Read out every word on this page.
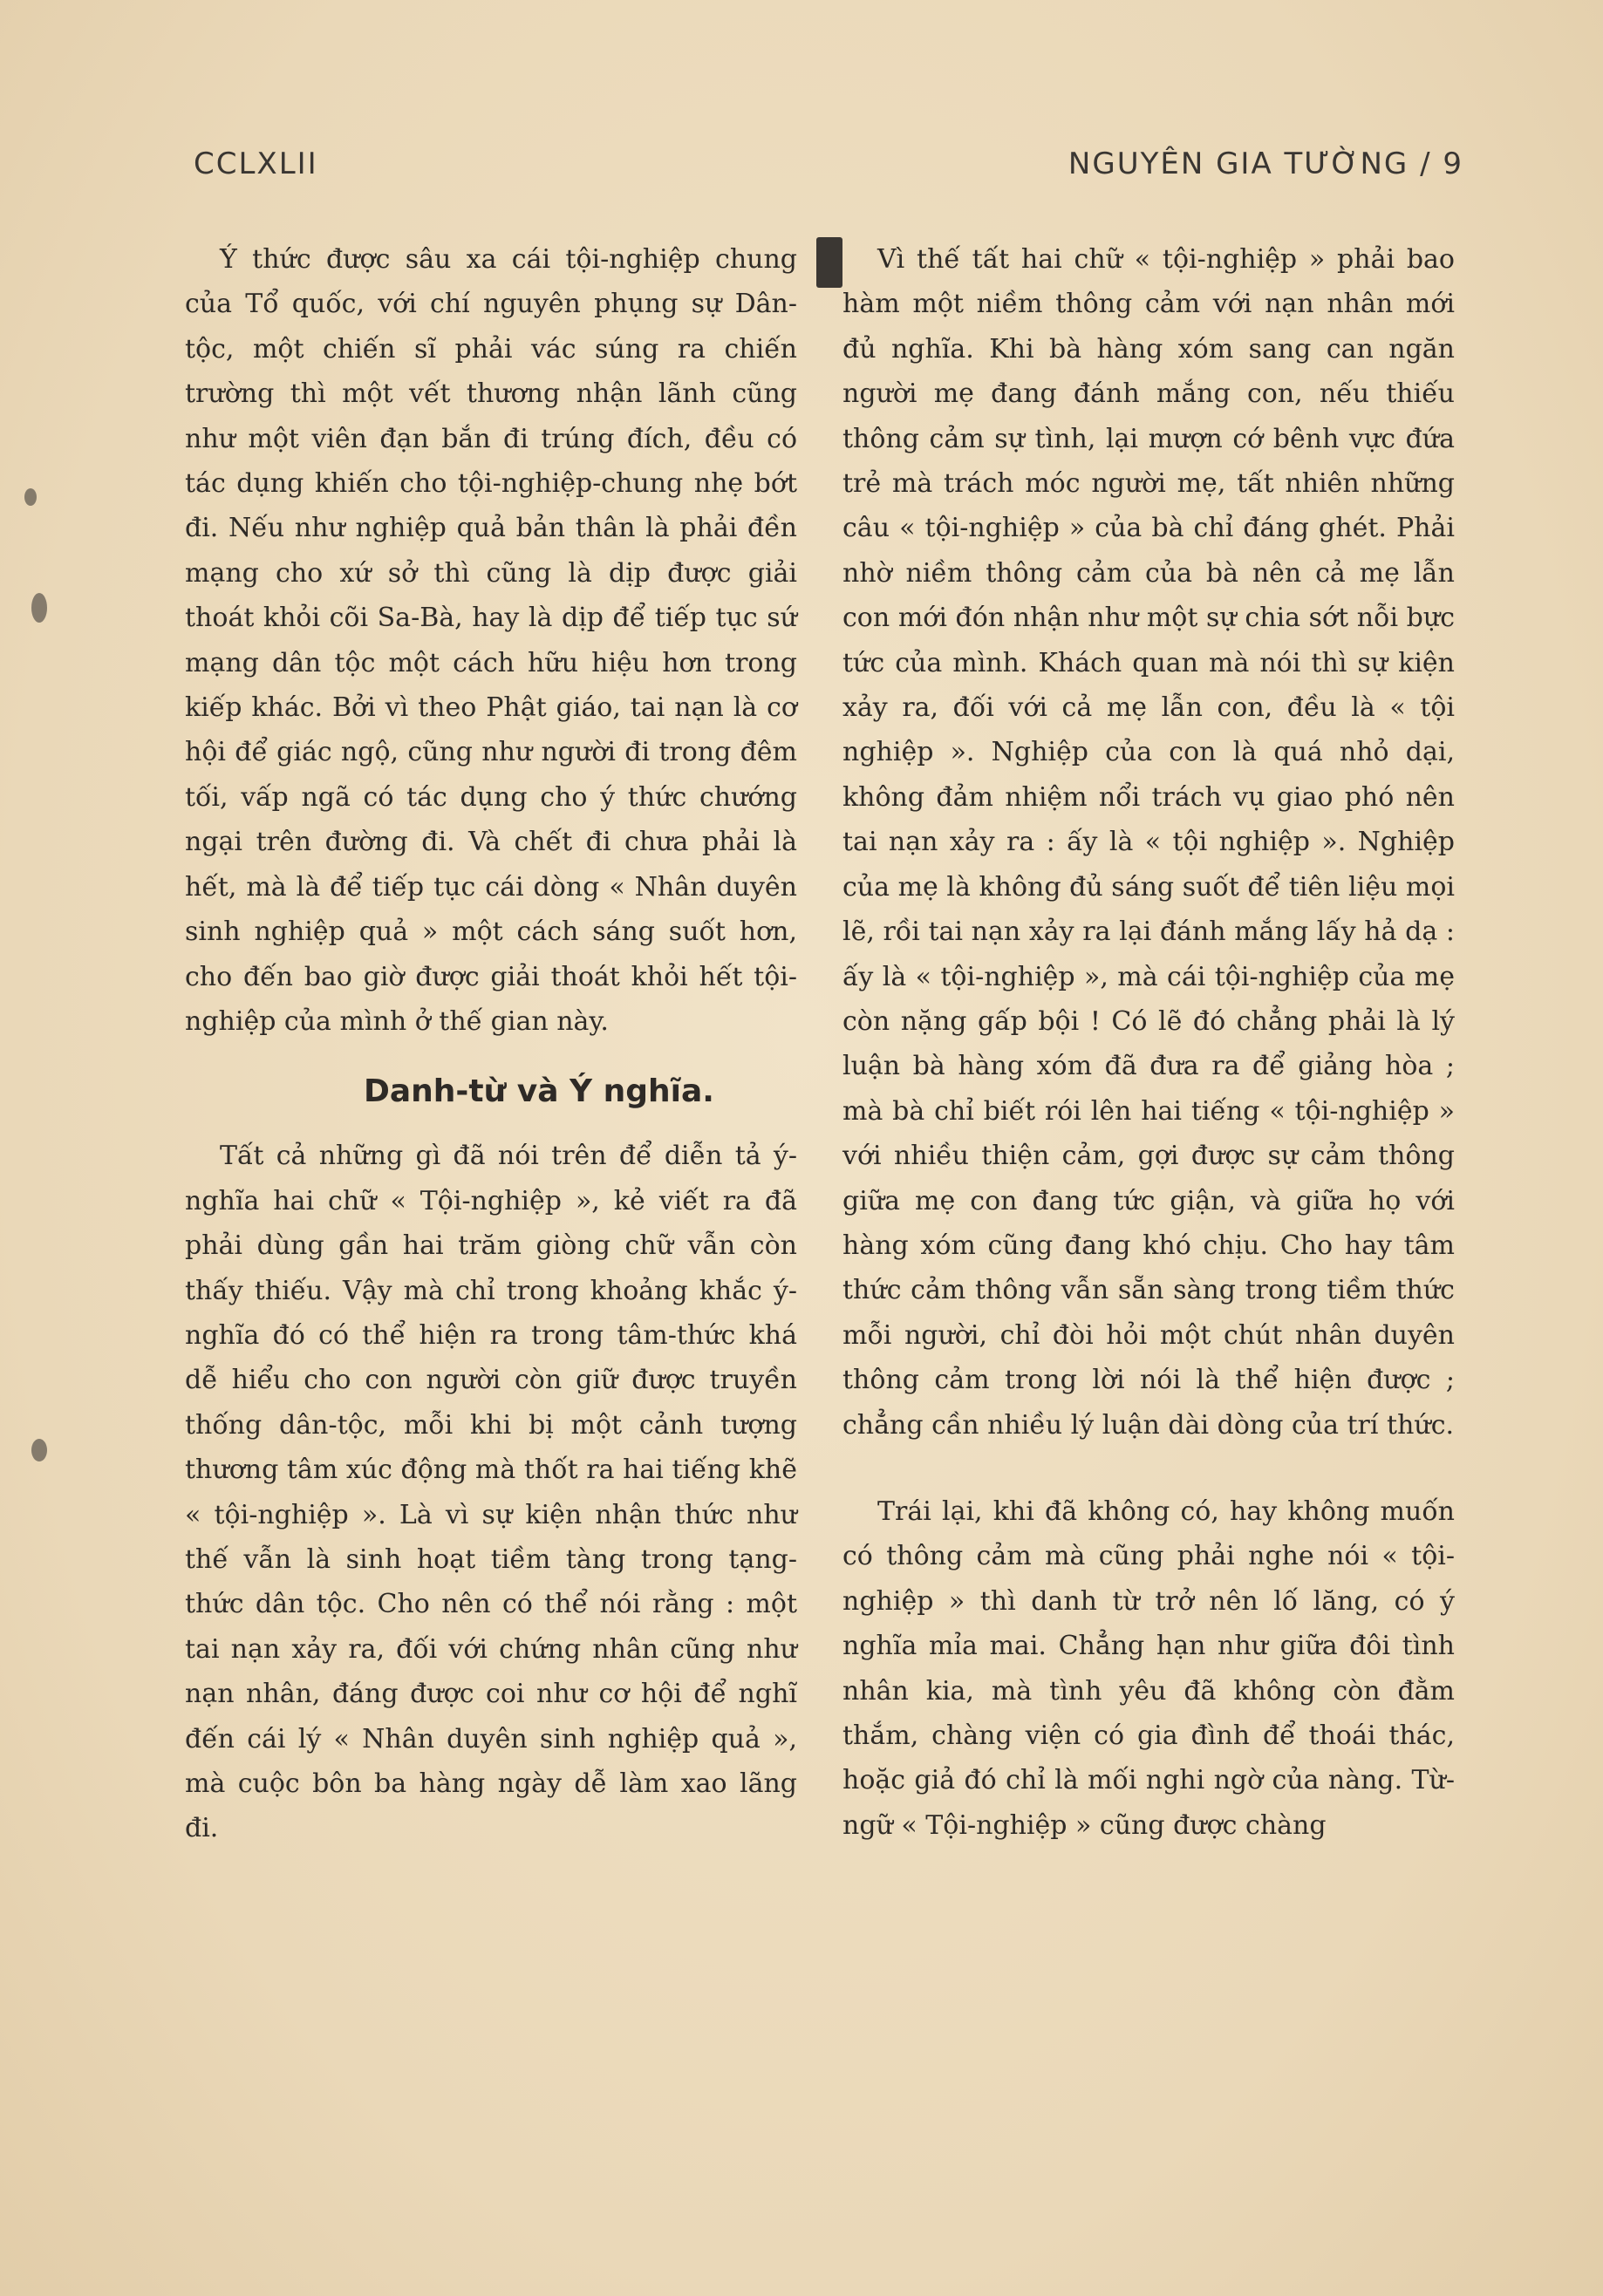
CCLXLII	NGUYÊN GIA TƯỜNG / 9

Ý thức được sâu xa cái tội-nghiệp chung của Tổ quốc, với chí nguyên phụng sự Dân-tộc, một chiến sĩ phải vác súng ra chiến trường thì một vết thương nhận lãnh cũng như một viên đạn bắn đi trúng đích, đều có tác dụng khiến cho tội-nghiệp-chung nhẹ bớt đi. Nếu như nghiệp quả bản thân là phải đền mạng cho xứ sở thì cũng là dịp được giải thoát khỏi cõi Sa-Bà, hay là dịp để tiếp tục sứ mạng dân tộc một cách hữu hiệu hơn trong kiếp khác. Bởi vì theo Phật giáo, tai nạn là cơ hội để giác ngộ, cũng như người đi trong đêm tối, vấp ngã có tác dụng cho ý thức chướng ngại trên đường đi. Và chết đi chưa phải là hết, mà là để tiếp tục cái dòng « Nhân duyên sinh nghiệp quả » một cách sáng suốt hơn, cho đến bao giờ được giải thoát khỏi hết tội-nghiệp của mình ở thế gian này.

Danh-từ và Ý nghĩa.

Tất cả những gì đã nói trên để diễn tả ý-nghĩa hai chữ « Tội-nghiệp », kẻ viết ra đã phải dùng gần hai trăm giòng chữ vẫn còn thấy thiếu. Vậy mà chỉ trong khoảng khắc ý-nghĩa đó có thể hiện ra trong tâm-thức khá dễ hiểu cho con người còn giữ được truyền thống dân-tộc, mỗi khi bị một cảnh tượng thương tâm xúc động mà thốt ra hai tiếng khẽ « tội-nghiệp ». Là vì sự kiện nhận thức như thế vẫn là sinh hoạt tiềm tàng trong tạng-thức dân tộc. Cho nên có thể nói rằng : một tai nạn xảy ra, đối với chứng nhân cũng như nạn nhân, đáng được coi như cơ hội để nghĩ đến cái lý « Nhân duyên sinh nghiệp quả », mà cuộc bôn ba hàng ngày dễ làm xao lãng đi.

Vì thế tất hai chữ « tội-nghiệp » phải bao hàm một niềm thông cảm với nạn nhân mới đủ nghĩa. Khi bà hàng xóm sang can ngăn người mẹ đang đánh mắng con, nếu thiếu thông cảm sự tình, lại mượn cớ bênh vực đứa trẻ mà trách móc người mẹ, tất nhiên những câu « tội-nghiệp » của bà chỉ đáng ghét. Phải nhờ niềm thông cảm của bà nên cả mẹ lẫn con mới đón nhận như một sự chia sớt nỗi bực tức của mình. Khách quan mà nói thì sự kiện xảy ra, đối với cả mẹ lẫn con, đều là « tội nghiệp ». Nghiệp của con là quá nhỏ dại, không đảm nhiệm nổi trách vụ giao phó nên tai nạn xảy ra : ấy là « tội nghiệp ». Nghiệp của mẹ là không đủ sáng suốt để tiên liệu mọi lẽ, rồi tai nạn xảy ra lại đánh mắng lấy hả dạ : ấy là « tội-nghiệp », mà cái tội-nghiệp của mẹ còn nặng gấp bội ! Có lẽ đó chẳng phải là lý luận bà hàng xóm đã đưa ra để giảng hòa ; mà bà chỉ biết rói lên hai tiếng « tội-nghiệp » với nhiều thiện cảm, gợi được sự cảm thông giữa mẹ con đang tức giận, và giữa họ với hàng xóm cũng đang khó chịu. Cho hay tâm thức cảm thông vẫn sẵn sàng trong tiềm thức mỗi người, chỉ đòi hỏi một chút nhân duyên thông cảm trong lời nói là thể hiện được ; chẳng cần nhiều lý luận dài dòng của trí thức.

Trái lại, khi đã không có, hay không muốn có thông cảm mà cũng phải nghe nói « tội-nghiệp » thì danh từ trở nên lố lăng, có ý nghĩa mỉa mai. Chẳng hạn như giữa đôi tình nhân kia, mà tình yêu đã không còn đằm thắm, chàng viện có gia đình để thoái thác, hoặc giả đó chỉ là mối nghi ngờ của nàng. Từ-ngữ « Tội-nghiệp » cũng được chàng
